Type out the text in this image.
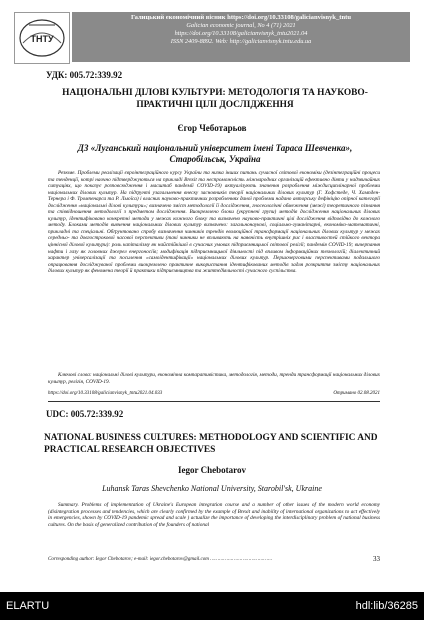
ТНТУ
Галицький економічний вісник https://doi.org/10.33108/galicianvisnyk_tntu
Galician economic journal, No 4 (71) 2021
https://doi.org/10.33108/galicianvisnyk_tntu2021.04
ISSN 2409-8892. Web: http://galicianvisnyk.tntu.edu.ua
УДК: 005.72:339.92
НАЦІОНАЛЬНІ ДІЛОВІ КУЛЬТУРИ: МЕТОДОЛОГІЯ ТА НАУКОВО-ПРАКТИЧНІ ЦІЛІ ДОСЛІДЖЕННЯ
Єгор Чеботарьов
ДЗ «Луганський національний університет імені Тараса Шевченка», Старобільськ, Україна
Резюме. Проблеми реалізації євроінтеграційного курсу України та низка інших питань сучасної світової економіки (дезінтеграційні процеси та тенденції, котрі наочно підтверджуються на прикладі Brexit та неспроможність міжнародних організацій ефективно діяти у надзвичайних ситуаціях, що показує розповсюдження і масштаб пандемії COVID-19) актуалізують значення розроблення міждисциплінарної проблеми національних ділових культур. На підґрунті узагальнення внеску засновників теорії національних ділових культур (Г. Хофстеде, Ч. Хампден-Тернера і Ф. Тромпенарса та Р. Льюїса) і власних науково-практичних розробленнях даної проблеми надано авторську дефініцію опірної категорії дослідження «національні ділові культури»; визначено зміст методології її дослідження, гносеологічні обмеження (межі) теоретичного пізнання та співвідношення методології з предметом дослідження. Виокремлено блоки (укрупнені групи) методів дослідження національних ділових культур, ідентифіковано конкретні методи у межах кожного блоку та визначено науково-практичні цілі дослідження відповідно до кожного методу. Блоками методів вивчення національних ділових культур визначено: загальнонаукові, соціально-гуманітарні, економіко-математичні, прикладні та спеціальні. Обґрунтовано спробу визначення чинників трендів еволюційної трансформації національних ділових культур у межах середньо- та довгострокової часової перспективи (такі чинники не впливають на наявність внутрішніх рис і властивостей стійкого вектора ціннісної ділової культури): роль капіталізму як найстійкішої в сучасних умовах підприємницької світової релігії; пандемія COVID-19; вичерпання нафти і газу як головних джерел енергоносіїв; модифікація підприємницької діяльності під впливом інформаційних технологій; діалектичний характер універсалізації та посилення «самоідентифікації» національних ділових культур. Першочерговими перспективами подальшого опрацювання досліджуваної проблеми виокремлено практичне використання ідентифікованих методів задля розкриття змісту національних ділових культур як феномена теорії й практики підприємництва та життєдіяльності сучасного суспільства.
Ключові слова: національні ділові культури, економічна компаративістика, методологія, методи, тренди трансформації національних ділових культур, релігія, COVID-19.
https://doi.org/10.33108/galicianvisnyk_tntu2021.04.033	Отримано 02.08.2021
UDC: 005.72:339.92
NATIONAL BUSINESS CULTURES: METHODOLOGY AND SCIENTIFIC AND PRACTICAL RESEARCH OBJECTIVES
Iegor Chebotarov
Luhansk Taras Shevchenko National University, Starobil'sk, Ukraine
Summary. Problems of implementation of Ukraine's European integration course and a number of other issues of the modern world economy (disintegration processes and tendencies, which are clearly confirmed by the example of Brexit and inability of international organizations to act effectively in emergencies, shown by COVID-19 pandemic spread and scale ) actualize the importance of developing the interdisciplinary problem of national business cultures. On the basis of generalized contribution of the founders of national
Corresponding author: Iegor Chebotarov; e-mail: iegor.chebotarov@gmail.com ……………………………………	33
ELARTU	hdl:lib/36285
